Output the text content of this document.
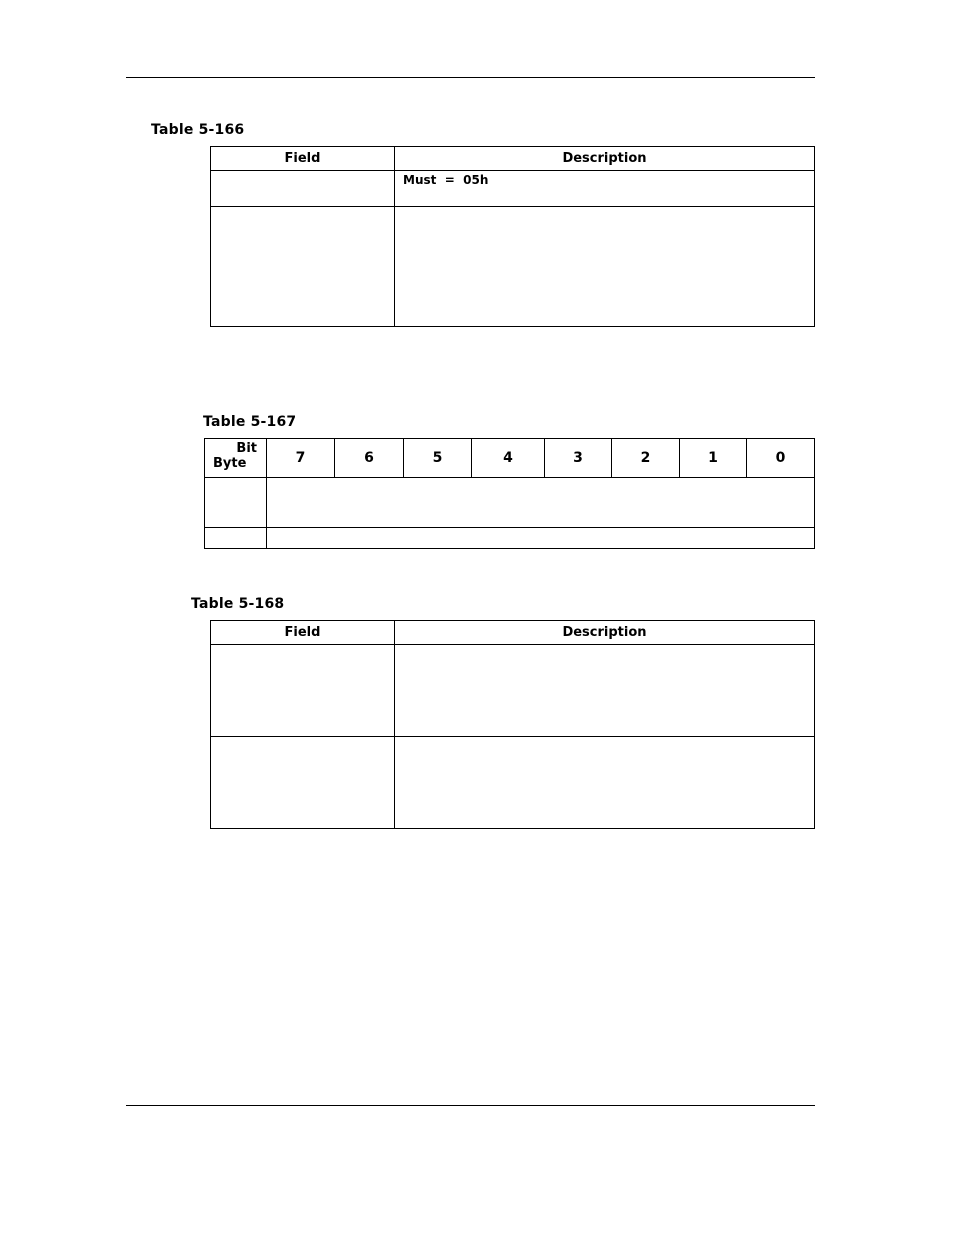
Table 5-166
Field	Description

	Must  =  05h

Table 5-167
Bit
Byte	7	6	5	4	3	2	1	0

Table 5-168
Field	Description
